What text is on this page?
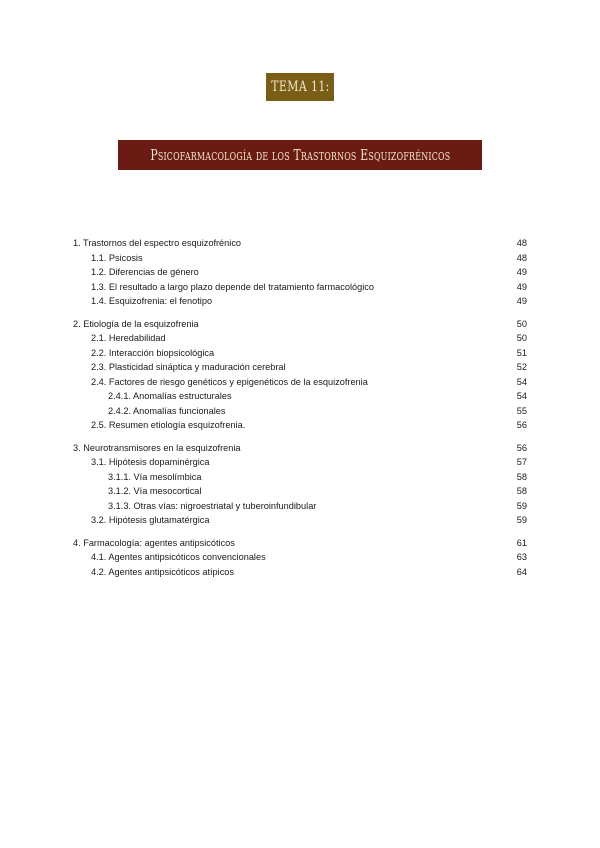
TEMA 11:
Psicofarmacología de los Trastornos Esquizofrénicos
1. Trastornos del espectro esquizofrénico	48
1.1. Psicosis	48
1.2. Diferencias de género	49
1.3. El resultado a largo plazo depende del tratamiento farmacológico	49
1.4. Esquizofrenia: el fenotipo	49
2. Etiología de la esquizofrenia	50
2.1. Heredabilidad	50
2.2. Interacción biopsicológica	51
2.3. Plasticidad sináptica y maduración cerebral	52
2.4. Factores de riesgo genéticos y epigenéticos de la esquizofrenia	54
2.4.1. Anomalías estructurales	54
2.4.2. Anomalías funcionales	55
2.5. Resumen etiología esquizofrenia.	56
3. Neurotransmisores en la esquizofrenia	56
3.1. Hipótesis dopaminérgica	57
3.1.1. Vía mesolímbica	58
3.1.2. Vía mesocortical	58
3.1.3. Otras vías: nigroestriatal y tuberoinfundibular	59
3.2. Hipótesis glutamatérgica	59
4. Farmacología: agentes antipsicóticos	61
4.1. Agentes antipsicóticos convencionales	63
4.2. Agentes antipsicóticos atípicos	64
